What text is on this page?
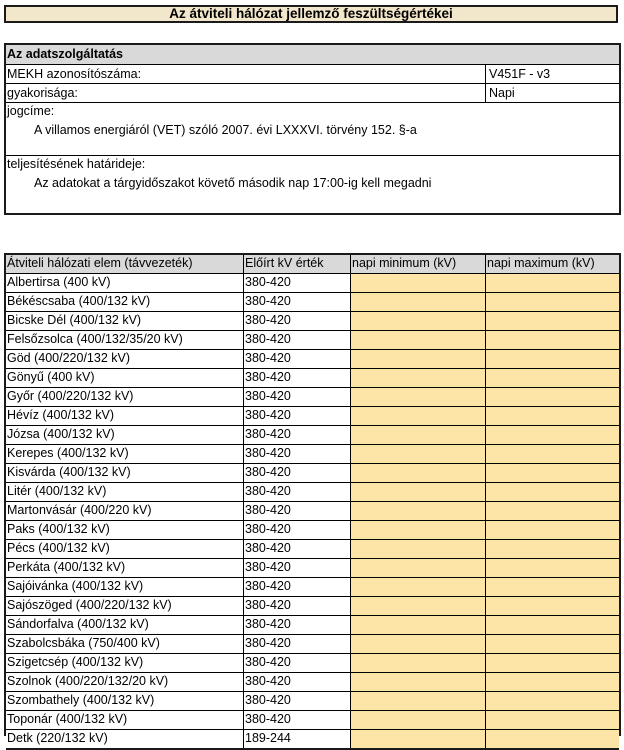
Az átviteli hálózat jellemző feszültségértékei
Az adatszolgáltatás
MEKH azonosítószáma:	V451F - v3
gyakorisága:	Napi
jogcíme:
A villamos energiáról (VET) szóló 2007. évi LXXXVI. törvény 152. §-a
teljesítésének határideje:
Az adatokat a tárgyidőszakot követő második nap 17:00-ig kell megadni
Átviteli hálózati elem (távvezeték)	Előírt kV érték	napi minimum (kV)	napi maximum (kV)
Albertirsa (400 kV)	380-420
Békéscsaba (400/132 kV)	380-420
Bicske Dél (400/132 kV)	380-420
Felsőzsolca (400/132/35/20 kV)	380-420
Göd (400/220/132 kV)	380-420
Gönyű (400 kV)	380-420
Győr (400/220/132 kV)	380-420
Hévíz (400/132 kV)	380-420
Józsa (400/132 kV)	380-420
Kerepes (400/132 kV)	380-420
Kisvárda (400/132 kV)	380-420
Litér (400/132 kV)	380-420
Martonvásár (400/220 kV)	380-420
Paks (400/132 kV)	380-420
Pécs (400/132 kV)	380-420
Perkáta (400/132 kV)	380-420
Sajóivánka (400/132 kV)	380-420
Sajószöged (400/220/132 kV)	380-420
Sándorfalva (400/132 kV)	380-420
Szabolcsbáka (750/400 kV)	380-420
Szigetcsép (400/132 kV)	380-420
Szolnok (400/220/132/20 kV)	380-420
Szombathely (400/132 kV)	380-420
Toponár (400/132 kV)	380-420
Detk (220/132 kV)	189-244
